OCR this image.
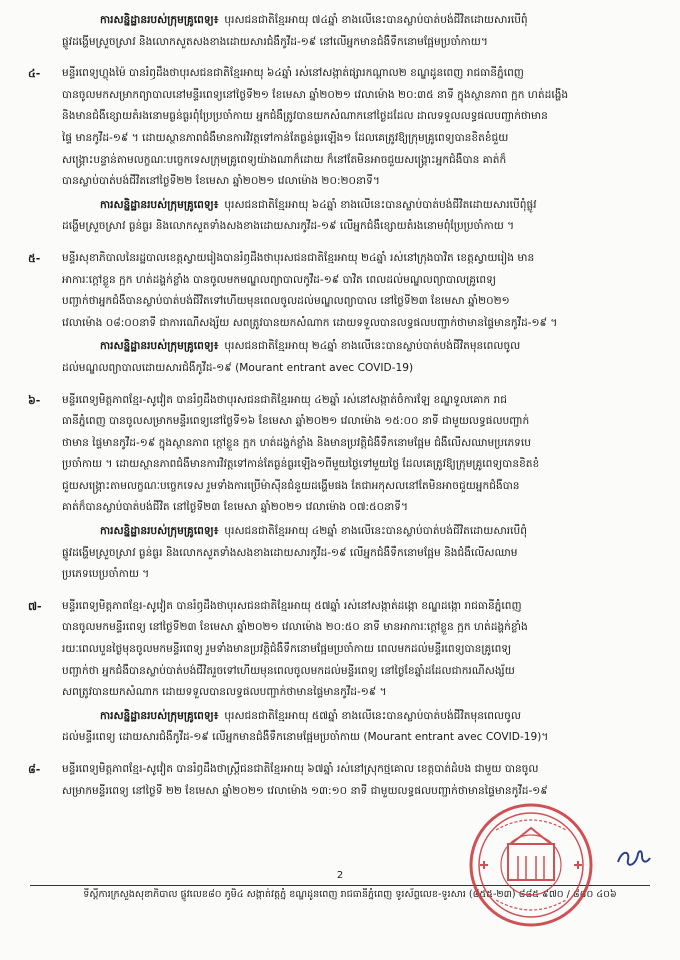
ការសន្និដ្ឋានរបស់ក្រុមគ្រូពេទ្យ៖ បុរសជនជាតិខ្មែរអាយុ ៧៤ឆ្នាំ ខាងលើនេះបានស្លាប់បាត់បង់ជីវិតដោយសារបើពុំ
ផ្លូវដង្ហើមស្រួចស្រាវ និងលោកសួតសងខាងដោយសារជំងឺកូវីដ-១៩ នៅលើអ្នកមានជំងឺទឹកនោមផ្អែមប្រចាំកាយ។
៤-	មន្ទីរពេទ្យហ្លុងម៉ៃ បានរំឭដឹងថាបុរសជនជាតិខ្មែរអាយុ ៦៤ឆ្នាំ រស់នៅសង្កាត់ផ្សារកណ្ដាល២ ខណ្ឌដូនពេញ រាជធានីភ្នំពេញ
បានចូលមកសម្រាកព្យាបាលនៅមន្ទីរពេទ្យនៅថ្ងៃទី២១ ខែមេសា ឆ្នាំ២០២១ វេលាម៉ោង ២០:៣៥ នាទី ក្នុងស្ថានភាព ក្អក ហត់ដង្ហើង
និងមានជំងឺខ្សោយតំរងនោមធ្ងន់ធ្ងរពុំប្រែប្រចាំកាយ អ្នកជំងឺត្រូវបានយកសំណាកនៅថ្ងៃដដែល ដាលទទួលលទ្ធផលបញ្ជាក់ថាមាន
ផ្ទៃ មានកូវីដ-១៩ ។ ដោយស្ថានភាពជំងឺមានការវិវត្តទៅកាន់តែធ្ងន់ធ្ងរឡើង១ ដែលគេត្រូវឱ្យក្រុមគ្រូពេទ្យបានខិតខំជួយ
សង្គ្រោះបន្ទាន់តាមលក្ខណៈបច្ចេកទេសក្រុមគ្រូពេទ្យយ៉ាងណាក៏ដោយ ក៏នៅតែមិនអាចជួយសង្គ្រោះអ្នកជំងឺបាន គាត់ក៏
បានស្លាប់បាត់បង់ជីវិតនៅថ្ងៃទី២២ ខែមេសា ឆ្នាំ២០២១ វេលាម៉ោង ២០:២០នាទី។
ការសន្និដ្ឋានរបស់ក្រុមគ្រូពេទ្យ៖ បុរសជនជាតិខ្មែរអាយុ ៦៤ឆ្នាំ ខាងលើនេះបានស្លាប់បាត់បង់ជីវិតដោយសារបើពុំផ្លូវ
ដង្ហើមស្រួចស្រាវ ធ្ងន់ធ្ងរ និងលោកសួតទាំងសងខាងដោយសារកូវីដ-១៩ លើអ្នកជំងឺខ្សោយតំរងនោមពុំប្រែប្រចាំកាយ ។
៥-	មន្ទីរសុខាភិបាលនៃរដ្ឋបាលខេត្តស្វាយរៀងបានរំឭដឹងថាបុរសជនជាតិខ្មែរអាយុ ២៤ឆ្នាំ រស់នៅក្រុងបាវិត ខេត្តស្វាយរៀង មាន
អាការៈក្ដៅខ្លួន ក្អក ហត់ដង្ហក់ខ្លាំង បានចូលមកមណ្ឌលព្យាបាលកូវីដ-១៩ បាវិត ពេលដល់មណ្ឌលព្យាបាលគ្រូពេទ្យ
បញ្ជាក់ថាអ្នកជំងឺបានស្លាប់បាត់បង់ជីវិតទៅហើយមុនពេលចូលដល់មណ្ឌលព្យាបាល នៅថ្ងៃទី២៣ ខែមេសា ឆ្នាំ២០២១
វេលាម៉ោង ០៨:០០នាទី ជាការណើសង្ស័យ សពត្រូវបានយកសំណាក ដោយទទួលបានលទ្ធផលបញ្ជាក់ថាមានផ្ទៃមានកូវីដ-១៩ ។
ការសន្និដ្ឋានរបស់ក្រុមគ្រូពេទ្យ៖ បុរសជនជាតិខ្មែរអាយុ ២៤ឆ្នាំ ខាងលើនេះបានស្លាប់បាត់បង់ជីវិតមុនពេលចូល
ដល់មណ្ឌលព្យាបាលដោយសារជំងឺកូវីដ-១៩ (Mourant entrant avec COVID-19)
៦-	មន្ទីរពេទ្យមិត្តភាពខ្មែរ-សូវៀត បានរំឭដឹងថាបុរសជនជាតិខ្មែរអាយុ ៤២ឆ្នាំ រស់នៅសង្កាត់ចំការឡែ ខណ្ឌទួលគោក រាជ
ធានីភ្នំពេញ បានចូលសម្រាកមន្ទីរពេទ្យនៅថ្ងៃទី១៦ ខែមេសា ឆ្នាំ២០២១ វេលាម៉ោង ១៥:០០ នាទី ជាមួយលទ្ធផលបញ្ជាក់
ថាមាន ផ្ទៃមានកូវីដ-១៩ ក្នុងស្ថានភាព ក្ដៅខ្លួន ក្អក ហត់ដង្ហក់ខ្លាំង និងមានប្រវត្តិជំងឺទឹកនោមផ្អែម ជំងឺលើសឈាមប្រភេទបេ
ប្រចាំកាយ ។ ដោយស្ថានភាពជំងឺមានការវិវត្តទៅកាន់តែធ្ងន់ធ្ងរឡើង១ពីមួយថ្ងៃទៅមួយថ្ងៃ ដែលគេត្រូវឱ្យក្រុមគ្រូពេទ្យបានខិតខំ
ជួយសង្គ្រោះតាមលក្ខណៈបច្ចេកទេស រួមទាំងការប្រើម៉ាស៊ីនជំនួយដង្ហើមផង តែជាអកុសលនៅតែមិនអាចជួយអ្នកជំងឺបាន
គាត់ក៏បានស្លាប់បាត់បង់ជីវិត នៅថ្ងៃទី២៣ ខែមេសា ឆ្នាំ២០២១ វេលាម៉ោង ០៧:៥០នាទី។
ការសន្និដ្ឋានរបស់ក្រុមគ្រូពេទ្យ៖ បុរសជនជាតិខ្មែរអាយុ ៤២ឆ្នាំ ខាងលើនេះបានស្លាប់បាត់បង់ជីវិតដោយសារបើពុំ
ផ្លូវដង្ហើមស្រួចស្រាវ ធ្ងន់ធ្ងរ និងលោកសួតទាំងសងខាងដោយសារកូវីដ-១៩ លើអ្នកជំងឺទឹកនោមផ្អែម និងជំងឺលើសឈាម
ប្រភេទបេប្រចាំកាយ ។
៧-	មន្ទីរពេទ្យមិត្តភាពខ្មែរ-សូវៀត បានរំឭដឹងថាបុរសជនជាតិខ្មែរអាយុ ៥៧ឆ្នាំ រស់នៅសង្កាត់ដង្កោ ខណ្ឌដង្កោ រាជធានីភ្នំពេញ
បានចូលមកមន្ទីរពេទ្យ នៅថ្ងៃទី២៣ ខែមេសា ឆ្នាំ២០២១ វេលាម៉ោង ២០:៥០ នាទី មានអាការៈក្ដៅខ្លួន ក្អក ហត់ដង្ហក់ខ្លាំង
រយៈពេលបួនថ្ងៃមុនចូលមកមន្ទីរពេទ្យ រួមទាំងមានប្រវត្តិជំងឺទឹកនោមផ្អែមប្រចាំកាយ ពេលមកដល់មន្ទីរពេទ្យបានគ្រូពេទ្យ
បញ្ជាក់ថា អ្នកជំងឺបានស្លាប់បាត់បង់ជីវិតរួចទៅហើយមុនពេលចូលមកដល់មន្ទីរពេទ្យ នៅថ្ងៃខែឆ្នាំដដែលជាករណីសង្ស័យ
សពត្រូវបានយកសំណាក ដោយទទួលបានលទ្ធផលបញ្ជាក់ថាមានផ្ទៃមានកូវីដ-១៩ ។
ការសន្និដ្ឋានរបស់ក្រុមគ្រូពេទ្យ៖ បុរសជនជាតិខ្មែរអាយុ ៥៧ឆ្នាំ ខាងលើនេះបានស្លាប់បាត់បង់ជីវិតមុនពេលចូល
ដល់មន្ទីរពេទ្យ ដោយសារជំងឺកូវីដ-១៩ លើអ្នកមានជំងឺទឹកនោមផ្អែមប្រចាំកាយ (Mourant entrant avec COVID-19)។
៨-	មន្ទីរពេទ្យមិត្តភាពខ្មែរ-សូវៀត បានរំឭដឹងថាស្ត្រីជនជាតិខ្មែរអាយុ ៦៧ឆ្នាំ រស់នៅស្រុកថ្មគោល ខេត្តបាត់ដំបង ជាមួយ បានចូល
សម្រាកមន្ទីរពេទ្យ នៅថ្ងៃទី ២២ ខែមេសា ឆ្នាំ២០២១ វេលាម៉ោង ១៣:១០ នាទី ជាមួយលទ្ធផលបញ្ជាក់ថាមានផ្ទៃមានកូវីដ-១៩
2
ទីស្ដីការក្រសួងសុខាភិបាល ផ្លូវលេខ៨០ ភូមិ៤ សង្កាត់វត្តភ្នំ ខណ្ឌដូនពេញ រាជធានីភ្នំពេញ ទូរស័ព្ទលេខ-ទូរសារ (៨៥៥-២៣) ៨៨៥ ៩៧០ / ៨៨០ ៤០៦
